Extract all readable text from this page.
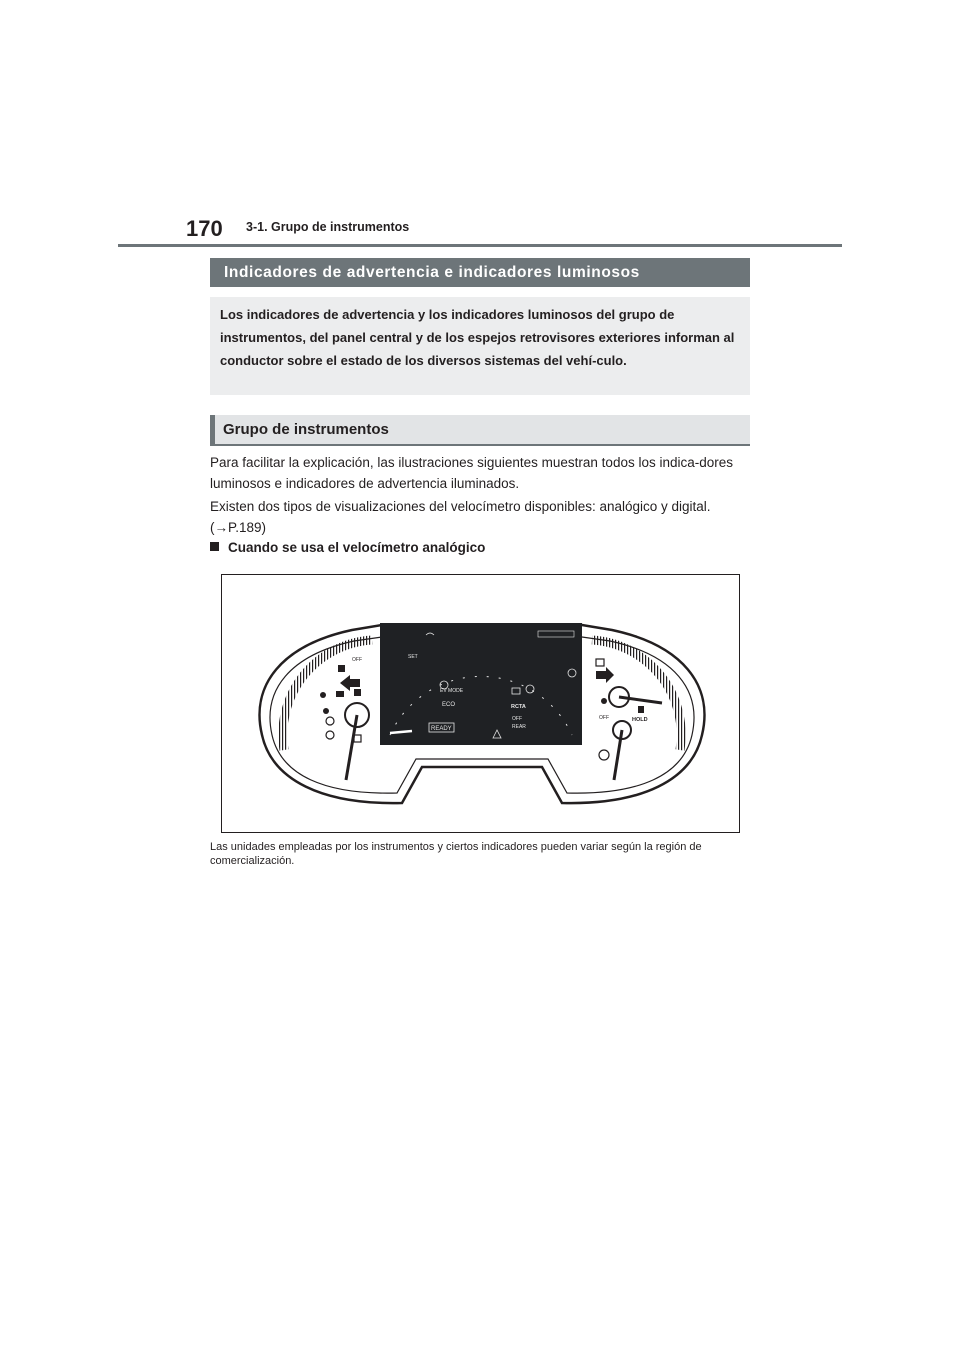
170 3-1. Grupo de instrumentos
Indicadores de advertencia e indicadores luminosos
Los indicadores de advertencia y los indicadores luminosos del grupo de instrumentos, del panel central y de los espejos retrovisores exteriores informan al conductor sobre el estado de los diversos sistemas del vehí-culo.
Grupo de instrumentos
Para facilitar la explicación, las ilustraciones siguientes muestran todos los indica-dores luminosos e indicadores de advertencia iluminados.
Existen dos tipos de visualizaciones del velocímetro disponibles: analógico y digital. (→P.189)
Cuando se usa el velocímetro analógico
EV MODE
ECO
READY
RCTA
OFF
REAR
SET
OFF
OFF	HOLD
Las unidades empleadas por los instrumentos y ciertos indicadores pueden variar según la región de comercialización.
